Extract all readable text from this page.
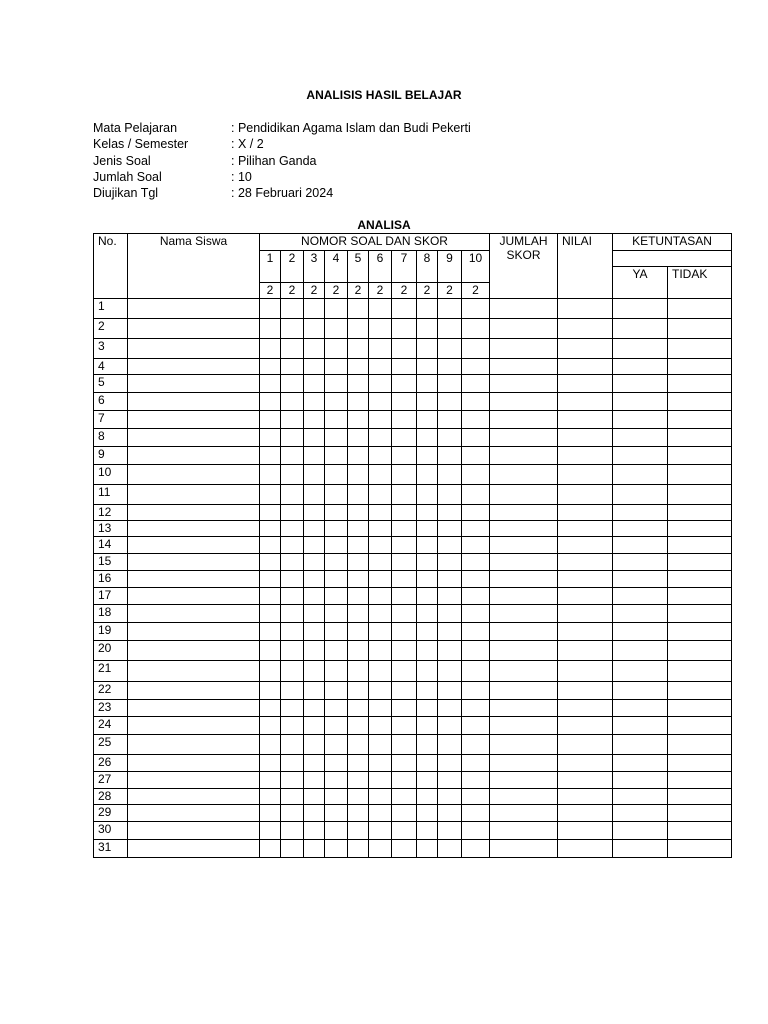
ANALISIS HASIL BELAJAR
Mata Pelajaran	: Pendidikan Agama Islam dan Budi Pekerti
Kelas / Semester	: X / 2
Jenis Soal	: Pilihan Ganda
Jumlah Soal	: 10
Diujikan Tgl	: 28 Februari 2024
ANALISA
No.	Nama Siswa	NOMOR SOAL DAN SKOR										JUMLAH SKOR	NILAI	KETUNTASAN	
		1	2	3	4	5	6	7	8	9	10				
														YA	TIDAK
		2	2	2	2	2	2	2	2	2	2				
1															
2															
3															
4															
5															
6															
7															
8															
9															
10															
11															
12															
13															
14															
15															
16															
17															
18															
19															
20															
21															
22															
23															
24															
25															
26															
27															
28															
29															
30															
31															
